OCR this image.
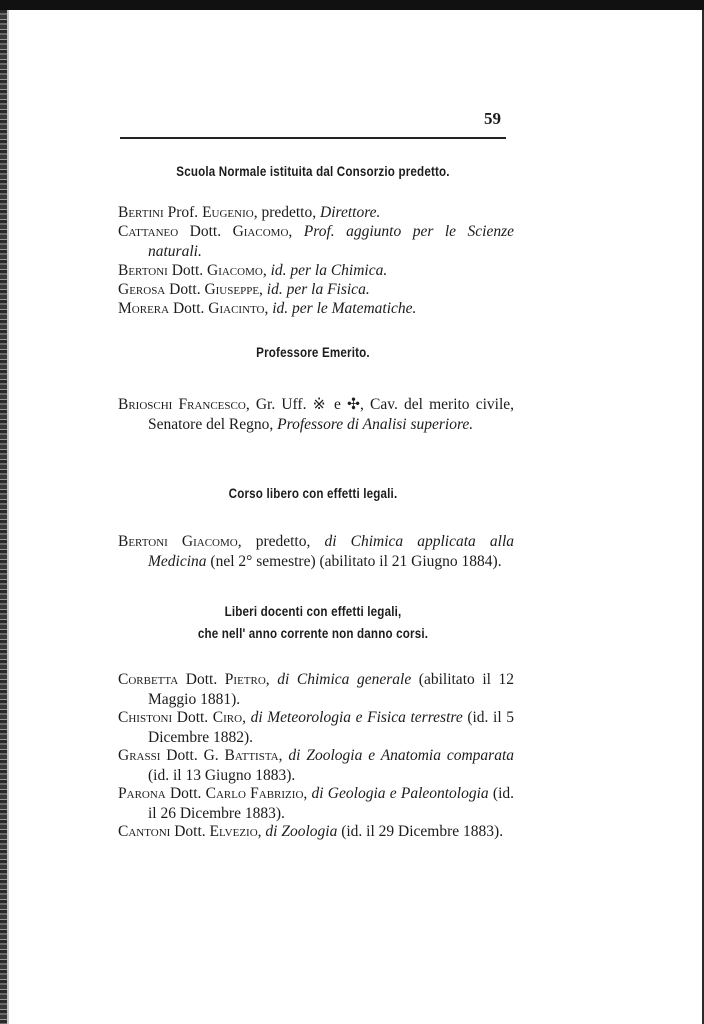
59
Scuola Normale istituita dal Consorzio predetto.
Bertini Prof. Eugenio, predetto, Direttore.
Cattaneo Dott. Giacomo, Prof. aggiunto per le Scienze naturali.
Bertoni Dott. Giacomo, id. per la Chimica.
Gerosa Dott. Giuseppe, id. per la Fisica.
Morera Dott. Giacinto, id. per le Matematiche.
Professore Emerito.
Brioschi Francesco, Gr. Uff. ※ e ✣, Cav. del merito civile, Senatore del Regno, Professore di Analisi superiore.
Corso libero con effetti legali.
Bertoni Giacomo, predetto, di Chimica applicata alla Medicina (nel 2° semestre) (abilitato il 21 Giugno 1884).
Liberi docenti con effetti legali,
che nell' anno corrente non danno corsi.
Corbetta Dott. Pietro, di Chimica generale (abilitato il 12 Maggio 1881).
Chistoni Dott. Ciro, di Meteorologia e Fisica terrestre (id. il 5 Dicembre 1882).
Grassi Dott. G. Battista, di Zoologia e Anatomia comparata (id. il 13 Giugno 1883).
Parona Dott. Carlo Fabrizio, di Geologia e Paleontologia (id. il 26 Dicembre 1883).
Cantoni Dott. Elvezio, di Zoologia (id. il 29 Dicembre 1883).
